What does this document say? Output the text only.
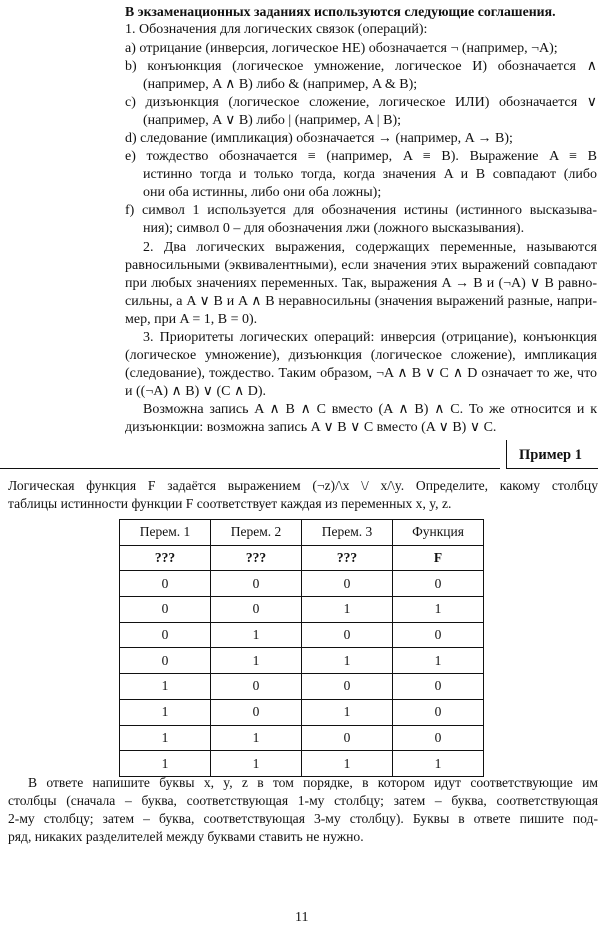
В экзаменационных заданиях используются следующие соглашения.
1. Обозначения для логических связок (операций):
a) отрицание (инверсия, логическое НЕ) обозначается ¬ (например, ¬A);
b) конъюнкция (логическое умножение, логическое И) обозначается ∧
(например, A ∧ B) либо & (например, A & B);
c) дизъюнкция (логическое сложение, логическое ИЛИ) обозначается ∨
(например, A ∨ B) либо | (например, A | B);
d) следование (импликация) обозначается → (например, A → B);
e) тождество обозначается ≡ (например, A ≡ B). Выражение A ≡ B
истинно тогда и только тогда, когда значения A и B совпадают (либо
они оба истинны, либо они оба ложны);
f) символ 1 используется для обозначения истины (истинного высказыва-
ния); символ 0 – для обозначения лжи (ложного высказывания).
2. Два логических выражения, содержащих переменные, называются
равносильными (эквивалентными), если значения этих выражений совпадают
при любых значениях переменных. Так, выражения A → B и (¬A) ∨ B равно-
сильны, а A ∨ B и A ∧ B неравносильны (значения выражений разные, напри-
мер, при A = 1, B = 0).
3. Приоритеты логических операций: инверсия (отрицание), конъюнкция
(логическое умножение), дизъюнкция (логическое сложение), импликация
(следование), тождество. Таким образом, ¬A ∧ B ∨ C ∧ D означает то же, что
и ((¬A) ∧ B) ∨ (C ∧ D).
Возможна запись A ∧ B ∧ C вместо (A ∧ B) ∧ C. То же относится и к
дизъюнкции: возможна запись A ∨ B ∨ C вместо (A ∨ B) ∨ C.
Пример 1
Логическая функция F задаётся выражением (¬z)/\x \/ x/\y. Определите, какому столбцу
таблицы истинности функции F соответствует каждая из переменных x, y, z.
Перем. 1	Перем. 2	Перем. 3	Функция
???	???	???	F
0	0	0	0
0	0	1	1
0	1	0	0
0	1	1	1
1	0	0	0
1	0	1	0
1	1	0	0
1	1	1	1
В ответе напишите буквы x, y, z в том порядке, в котором идут соответствующие им
столбцы (сначала – буква, соответствующая 1-му столбцу; затем – буква, соответствующая
2-му столбцу; затем – буква, соответствующая 3-му столбцу). Буквы в ответе пишите под-
ряд, никаких разделителей между буквами ставить не нужно.
11
